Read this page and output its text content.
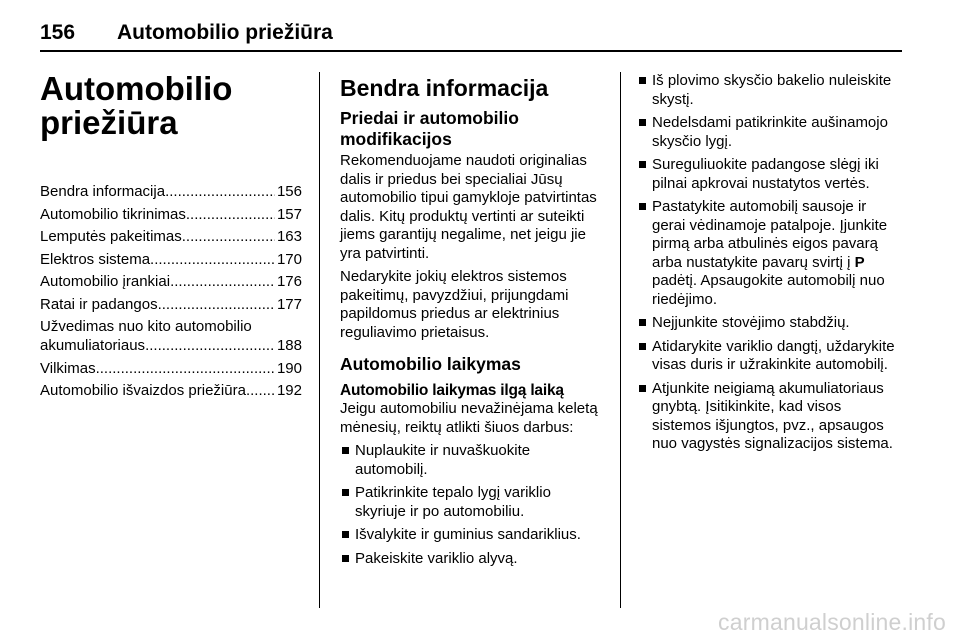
156 Automobilio priežiūra
Automobilio
priežiūra
Bendra informacija .....	156
Automobilio tikrinimas .....	157
Lemputės pakeitimas .....	163
Elektros sistema .....	170
Automobilio įrankiai .....	176
Ratai ir padangos .....	177
Užvedimas nuo kito automobilio
akumuliatoriaus .....	188
Vilkimas .....	190
Automobilio išvaizdos priežiūra ..... 192
Bendra informacija
Priedai ir automobilio modifikacijos

Rekomenduojame naudoti originalias dalis ir priedus bei specialiai Jūsų automobilio tipui gamykloje patvirtintas dalis. Kitų produktų vertinti ar suteikti jiems garantijų negalime, net jeigu jie yra patvirtinti.

Nedarykite jokių elektros sistemos pakeitimų, pavyzdžiui, prijungdami papildomus priedus ar elektrinius reguliavimo prietaisus.

Automobilio laikymas
Automobilio laikymas ilgą laiką

Jeigu automobiliu nevažinėjama keletą mėnesių, reiktų atlikti šiuos darbus:

Nuplaukite ir nuvaškuokite automobilį.
Patikrinkite tepalo lygį variklio skyriuje ir po automobiliu.
Išvalykite ir guminius sandariklius.
Pakeiskite variklio alyvą.
Iš plovimo skysčio bakelio nuleiskite skystį.
Nedelsdami patikrinkite aušinamojo skysčio lygį.
Sureguliuokite padangose slėgį iki pilnai apkrovai nustatytos vertės.
Pastatykite automobilį sausoje ir gerai vėdinamoje patalpoje. Įjunkite pirmą arba atbulinės eigos pavarą arba nustatykite pavarų svirtį į P padėtį. Apsaugokite automobilį nuo riedėjimo.
Nejjunkite stovėjimo stabdžių.
Atidarykite variklio dangtį, uždarykite visas duris ir užrakinkite automobilį.
Atjunkite neigiamą akumuliatoriaus gnybtą. Įsitikinkite, kad visos sistemos išjungtos, pvz., apsaugos nuo vagystės signalizacijos sistema.
carmanualsonline.info
